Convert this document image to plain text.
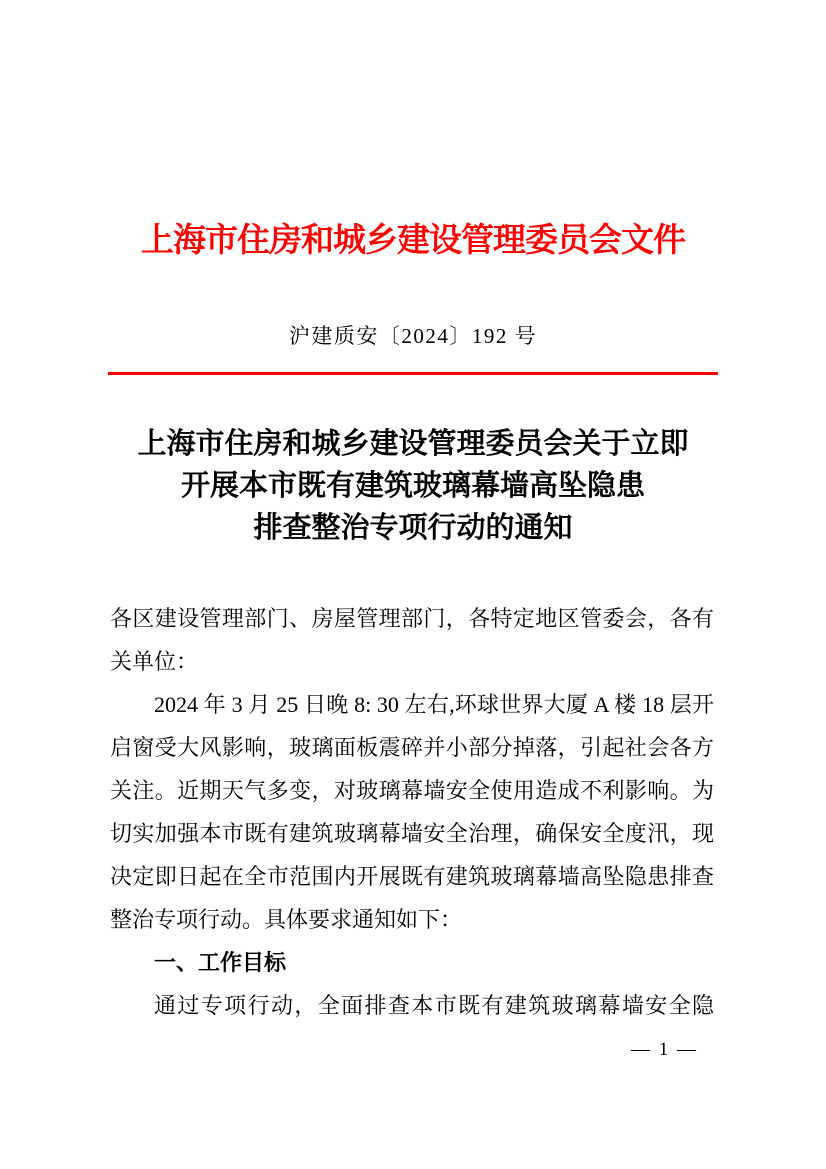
上海市住房和城乡建设管理委员会文件
沪建质安〔2024〕192 号
上海市住房和城乡建设管理委员会关于立即
开展本市既有建筑玻璃幕墙高坠隐患
排查整治专项行动的通知

各区建设管理部门、房屋管理部门，各特定地区管委会，各有关单位：

2024 年 3 月 25 日晚 8: 30 左右,环球世界大厦 A 楼 18 层开启窗受大风影响，玻璃面板震碎并小部分掉落，引起社会各方关注。近期天气多变，对玻璃幕墙安全使用造成不利影响。为切实加强本市既有建筑玻璃幕墙安全治理，确保安全度汛，现决定即日起在全市范围内开展既有建筑玻璃幕墙高坠隐患排查整治专项行动。具体要求通知如下：

一、工作目标

通过专项行动，全面排查本市既有建筑玻璃幕墙安全隐

— 1 —
